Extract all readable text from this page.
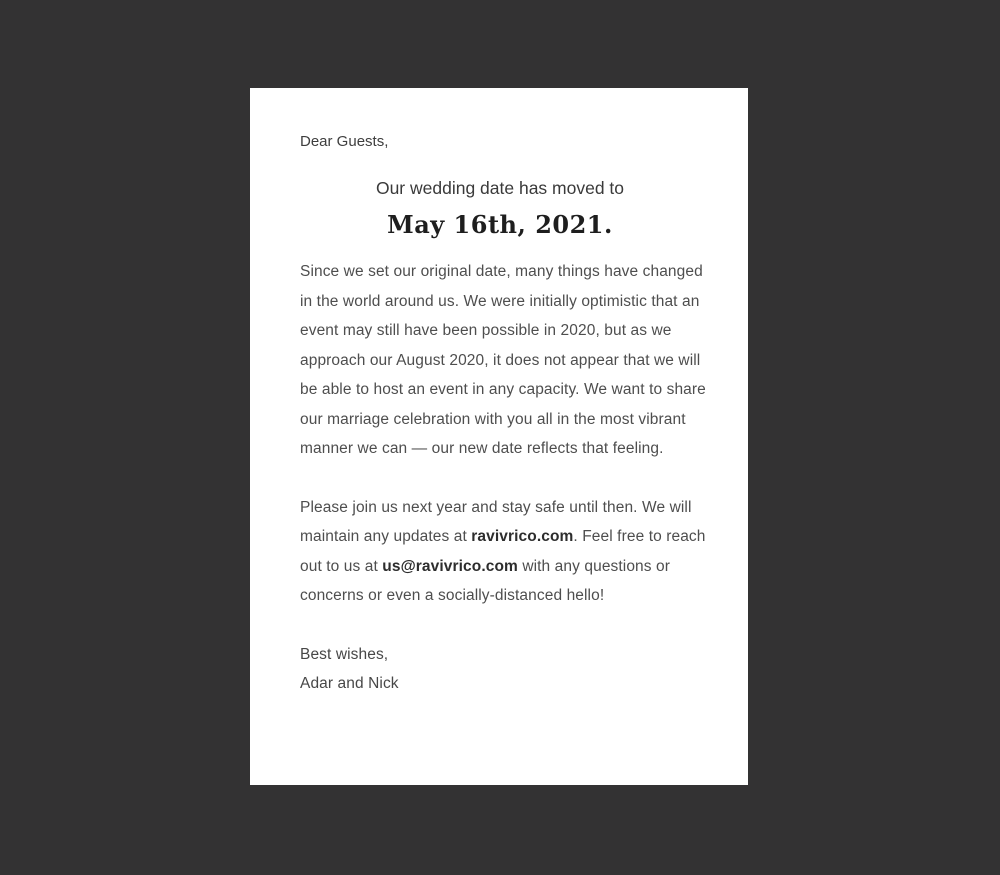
Dear Guests,
Our wedding date has moved to
May 16th, 2021.
Since we set our original date, many things have changed
in the world around us. We were initially optimistic that an
event may still have been possible in 2020, but as we
approach our August 2020, it does not appear that we will
be able to host an event in any capacity. We want to share
our marriage celebration with you all in the most vibrant
manner we can — our new date reflects that feeling.
Please join us next year and stay safe until then. We will
maintain any updates at ravivrico.com. Feel free to reach
out to us at us@ravivrico.com with any questions or
concerns or even a socially-distanced hello!
Best wishes,
Adar and Nick
